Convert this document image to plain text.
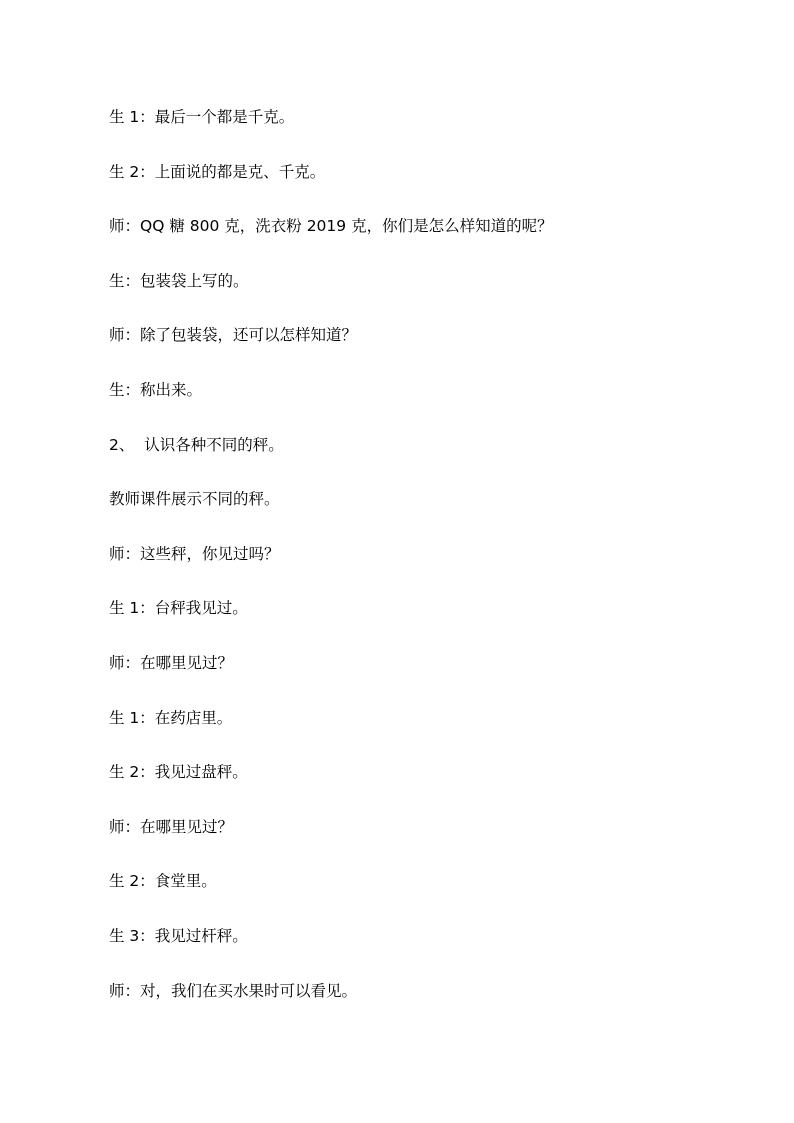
生 1：最后一个都是千克。
生 2：上面说的都是克、千克。
师：QQ 糖 800 克，洗衣粉 2019 克，你们是怎么样知道的呢？
生：包装袋上写的。
师：除了包装袋，还可以怎样知道？
生：称出来。
2、  认识各种不同的秤。
教师课件展示不同的秤。
师：这些秤，你见过吗？
生 1：台秤我见过。
师：在哪里见过？
生 1：在药店里。
生 2：我见过盘秤。
师：在哪里见过？
生 2：食堂里。
生 3：我见过杆秤。
师：对，我们在买水果时可以看见。
